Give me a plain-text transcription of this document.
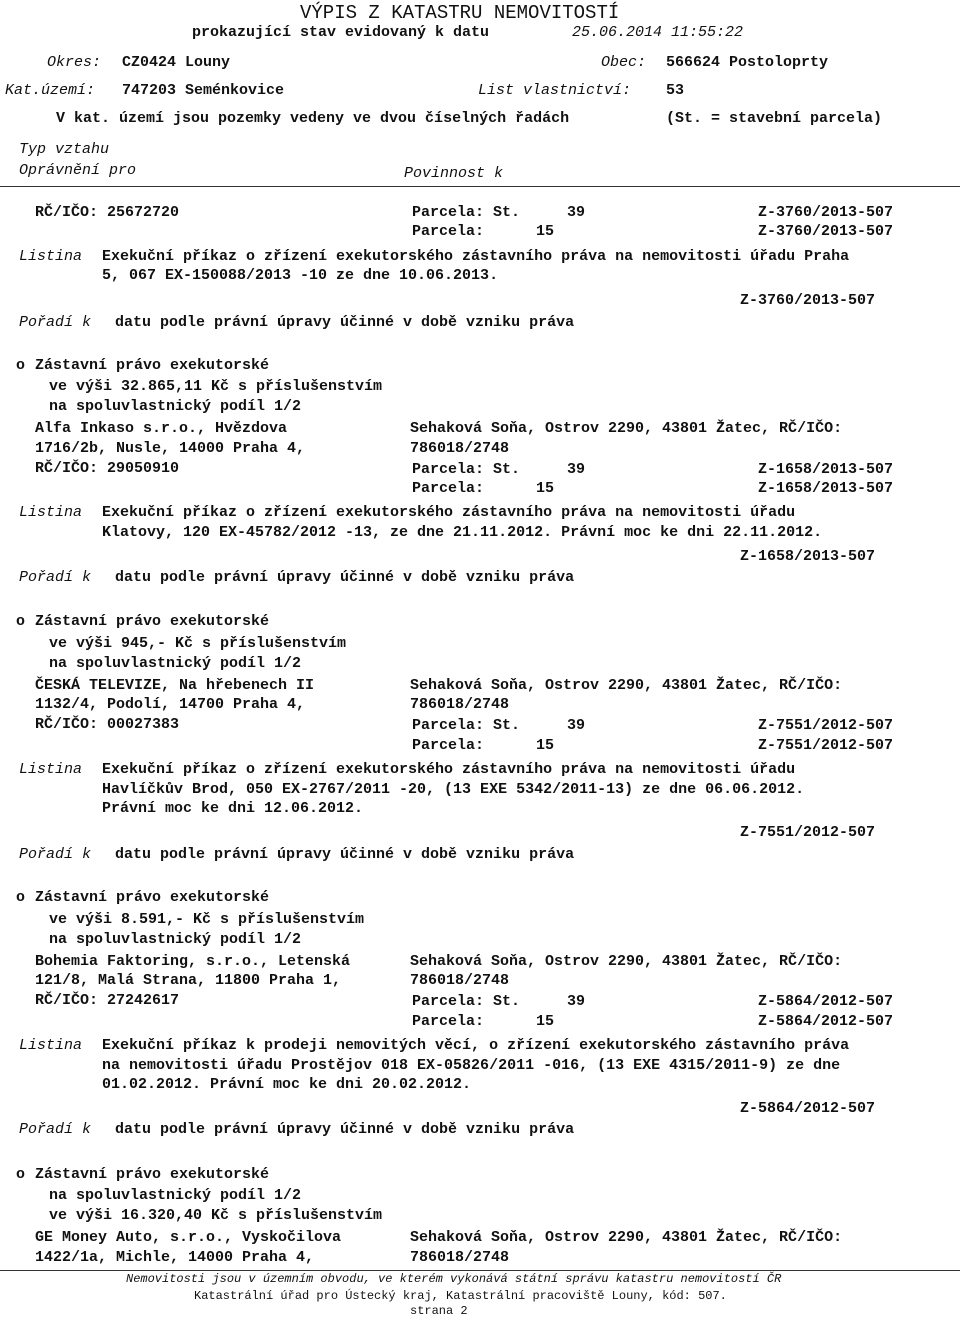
VÝPIS Z KATASTRU NEMOVITOSTÍ
prokazující stav evidovaný k datu	25.06.2014 11:55:22
Okres: CZ0424 Louny	Obec: 566624 Postoloprty
Kat.území: 747203 Seménkovice	List vlastnictví: 53
V kat. území jsou pozemky vedeny ve dvou číselných řadách	(St. = stavební parcela)
Typ vztahu
Oprávnění pro	Povinnost k
RČ/IČO: 25672720	Parcela: St.	39	Z-3760/2013-507
Parcela:	15	Z-3760/2013-507
Listina Exekuční příkaz o zřízení exekutorského zástavního práva na nemovitosti úřadu Praha
5, 067 EX-150088/2013 -10 ze dne 10.06.2013.
Z-3760/2013-507
Pořadí k datu podle právní úpravy účinné v době vzniku práva
o Zástavní právo exekutorské
ve výši 32.865,11 Kč s příslušenstvím
na spoluvlastnický podíl 1/2
Alfa Inkaso s.r.o., Hvězdova
1716/2b, Nusle, 14000 Praha 4,
RČ/IČO: 29050910
Sehaková Soňa, Ostrov 2290, 43801 Žatec, RČ/IČO:
786018/2748
Parcela: St.	39	Z-1658/2013-507
Parcela:	15	Z-1658/2013-507
Listina Exekuční příkaz o zřízení exekutorského zástavního práva na nemovitosti úřadu
Klatovy, 120 EX-45782/2012 -13, ze dne 21.11.2012. Právní moc ke dni 22.11.2012.
Z-1658/2013-507
Pořadí k datu podle právní úpravy účinné v době vzniku práva
o Zástavní právo exekutorské
ve výši 945,- Kč s příslušenstvím
na spoluvlastnický podíl 1/2
ČESKÁ TELEVIZE, Na hřebenech II
1132/4, Podolí, 14700 Praha 4,
RČ/IČO: 00027383
Sehaková Soňa, Ostrov 2290, 43801 Žatec, RČ/IČO:
786018/2748
Parcela: St.	39	Z-7551/2012-507
Parcela:	15	Z-7551/2012-507
Listina Exekuční příkaz o zřízení exekutorského zástavního práva na nemovitosti úřadu
Havlíčkův Brod, 050 EX-2767/2011 -20, (13 EXE 5342/2011-13) ze dne 06.06.2012.
Právní moc ke dni 12.06.2012.
Z-7551/2012-507
Pořadí k datu podle právní úpravy účinné v době vzniku práva
o Zástavní právo exekutorské
ve výši 8.591,- Kč s příslušenstvím
na spoluvlastnický podíl 1/2
Bohemia Faktoring, s.r.o., Letenská
121/8, Malá Strana, 11800 Praha 1,
RČ/IČO: 27242617
Sehaková Soňa, Ostrov 2290, 43801 Žatec, RČ/IČO:
786018/2748
Parcela: St.	39	Z-5864/2012-507
Parcela:	15	Z-5864/2012-507
Listina Exekuční příkaz k prodeji nemovitých věcí, o zřízení exekutorského zástavního práva
na nemovitosti úřadu Prostějov 018 EX-05826/2011 -016, (13 EXE 4315/2011-9) ze dne
01.02.2012. Právní moc ke dni 20.02.2012.
Z-5864/2012-507
Pořadí k datu podle právní úpravy účinné v době vzniku práva
o Zástavní právo exekutorské
na spoluvlastnický podíl 1/2
ve výši 16.320,40 Kč s příslušenstvím
GE Money Auto, s.r.o., Vyskočilova
1422/1a, Michle, 14000 Praha 4,
Sehaková Soňa, Ostrov 2290, 43801 Žatec, RČ/IČO:
786018/2748
Nemovitosti jsou v územním obvodu, ve kterém vykonává státní správu katastru nemovitostí ČR
Katastrální úřad pro Ústecký kraj, Katastrální pracoviště Louny, kód: 507.
strana 2
